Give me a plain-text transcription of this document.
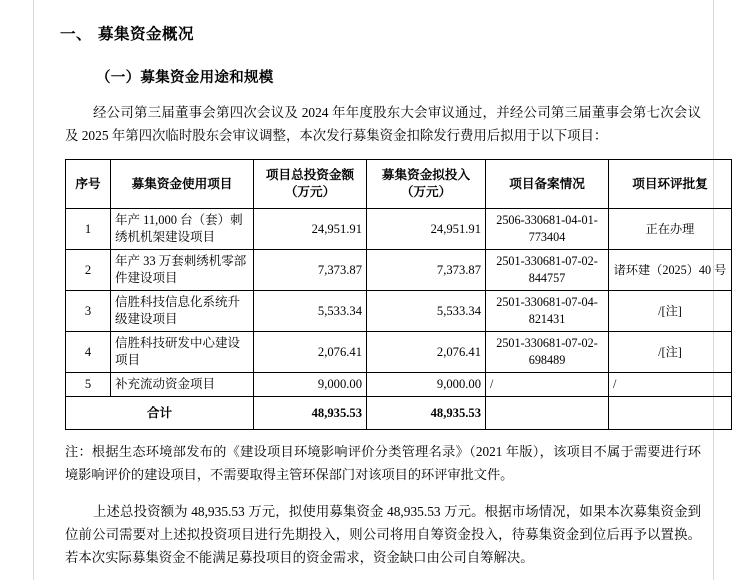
一、 募集资金概况
（一）募集资金用途和规模
经公司第三届董事会第四次会议及 2024 年年度股东大会审议通过，并经公司第三届董事会第七次会议及 2025 年第四次临时股东会审议调整，本次发行募集资金扣除发行费用后拟用于以下项目：
序号	募集资金使用项目	项目总投资金额（万元）	募集资金拟投入（万元）	项目备案情况	项目环评批复
1	年产 11,000 台（套）刺绣机机架建设项目	24,951.91	24,951.91	2506-330681-04-01-773404	正在办理
2	年产 33 万套刺绣机零部件建设项目	7,373.87	7,373.87	2501-330681-07-02-844757	诸环建（2025）40 号
3	信胜科技信息化系统升级建设项目	5,533.34	5,533.34	2501-330681-07-04-821431	/[注]
4	信胜科技研发中心建设项目	2,076.41	2,076.41	2501-330681-07-02-698489	/[注]
5	补充流动资金项目	9,000.00	9,000.00	/	/
合计		48,935.53	48,935.53		
注：根据生态环境部发布的《建设项目环境影响评价分类管理名录》（2021 年版），该项目不属于需要进行环境影响评价的建设项目，不需要取得主管环保部门对该项目的环评审批文件。
上述总投资额为 48,935.53 万元，拟使用募集资金 48,935.53 万元。根据市场情况，如果本次募集资金到位前公司需要对上述拟投资项目进行先期投入，则公司将用自筹资金投入，待募集资金到位后再予以置换。若本次实际募集资金不能满足募投项目的资金需求，资金缺口由公司自筹解决。
